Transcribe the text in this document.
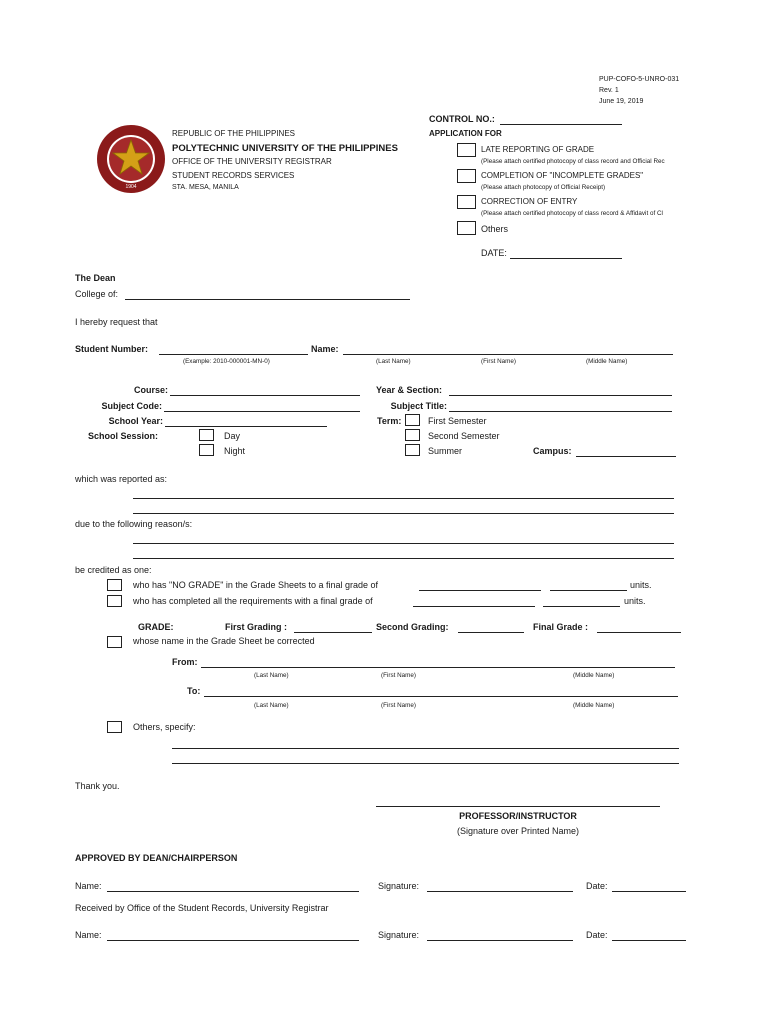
PUP-COFO-5-UNRO-031
Rev. 1
June 19, 2019
CONTROL NO.:
1904
REPUBLIC OF THE PHILIPPINES
POLYTECHNIC UNIVERSITY OF THE PHILIPPINES
OFFICE OF THE UNIVERSITY REGISTRAR
STUDENT RECORDS SERVICES
STA. MESA, MANILA
APPLICATION FOR
LATE REPORTING OF GRADE
(Please attach certified photocopy of class record and Official Rec
COMPLETION OF "INCOMPLETE GRADES"
(Please attach photocopy of Official Receipt)
CORRECTION OF ENTRY
(Please attach certified photocopy of class record & Affidavit of Cl
Others
DATE:
The Dean
College of:
I hereby request that
Student Number:
(Example: 2010-000001-MN-0)
Name:
(Last Name)	(First Name)	(Middle Name)
Course:	Year & Section:
Subject Code:	Subject Title:
School Year:	Term:	First Semester
Second Semester
Summer
School Session:	Day
Night	Campus:
which was reported as:
due to the following reason/s:
be credited as one:
who has "NO GRADE" in the Grade Sheets to a final grade of	units.
who has completed all the requirements with a final grade of	units.
GRADE:	First Grading :	Second Grading:	Final Grade :
whose name in the Grade Sheet be corrected
From:
(Last Name)	(First Name)	(Middle Name)
To:
(Last Name)	(First Name)	(Middle Name)
Others, specify:
Thank you.
PROFESSOR/INSTRUCTOR
(Signature over Printed Name)
APPROVED BY DEAN/CHAIRPERSON
Name:	Signature:	Date:
Received by Office of the Student Records, University Registrar
Name:	Signature:	Date:
